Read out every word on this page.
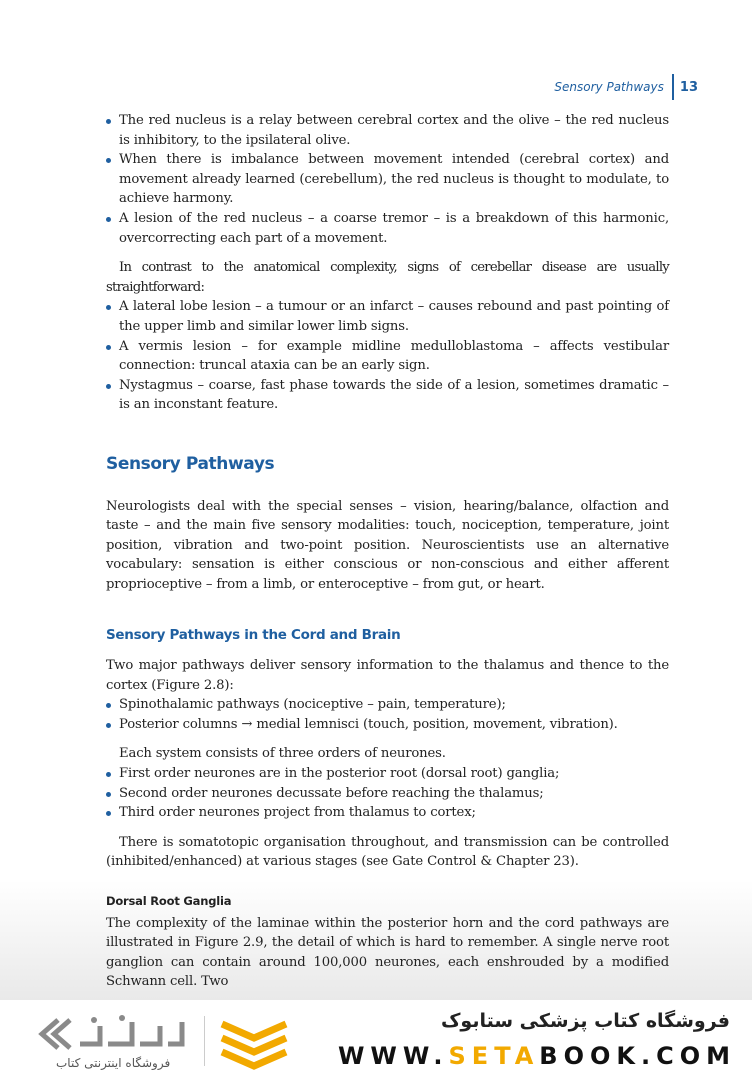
Sensory Pathways 13
The red nucleus is a relay between cerebral cortex and the olive – the red nucleus is inhibitory, to the ipsilateral olive.
When there is imbalance between movement intended (cerebral cortex) and movement already learned (cerebellum), the red nucleus is thought to modulate, to achieve harmony.
A lesion of the red nucleus – a coarse tremor – is a breakdown of this harmonic, overcorrecting each part of a movement.

In contrast to the anatomical complexity, signs of cerebellar disease are usually straightforward:

A lateral lobe lesion – a tumour or an infarct – causes rebound and past pointing of the upper limb and similar lower limb signs.
A vermis lesion – for example midline medulloblastoma – affects vestibular connection: truncal ataxia can be an early sign.
Nystagmus – coarse, fast phase towards the side of a lesion, sometimes dramatic – is an inconstant feature.
Sensory Pathways

Neurologists deal with the special senses – vision, hearing/balance, olfaction and taste – and the main five sensory modalities: touch, nociception, temperature, joint position, vibration and two-point position. Neuroscientists use an alternative vocabulary: sensation is either conscious or non-conscious and either afferent proprioceptive – from a limb, or enteroceptive – from gut, or heart.

Sensory Pathways in the Cord and Brain

Two major pathways deliver sensory information to the thalamus and thence to the cortex (Figure 2.8):

Spinothalamic pathways (nociceptive – pain, temperature);
Posterior columns → medial lemnisci (touch, position, movement, vibration).

Each system consists of three orders of neurones.

First order neurones are in the posterior root (dorsal root) ganglia;
Second order neurones decussate before reaching the thalamus;
Third order neurones project from thalamus to cortex;

There is somatotopic organisation throughout, and transmission can be controlled (inhibited/enhanced) at various stages (see Gate Control & Chapter 23).

Dorsal Root Ganglia

The complexity of the laminae within the posterior horn and the cord pathways are illustrated in Figure 2.9, the detail of which is hard to remember. A single nerve root ganglion can contain around 100,000 neurones, each enshrouded by a modified Schwann cell. Two

فروشگاه اینترنتی کتاب
فروشگاه کتاب پزشکی ستابوک
WWW.SETABOOK.COM
